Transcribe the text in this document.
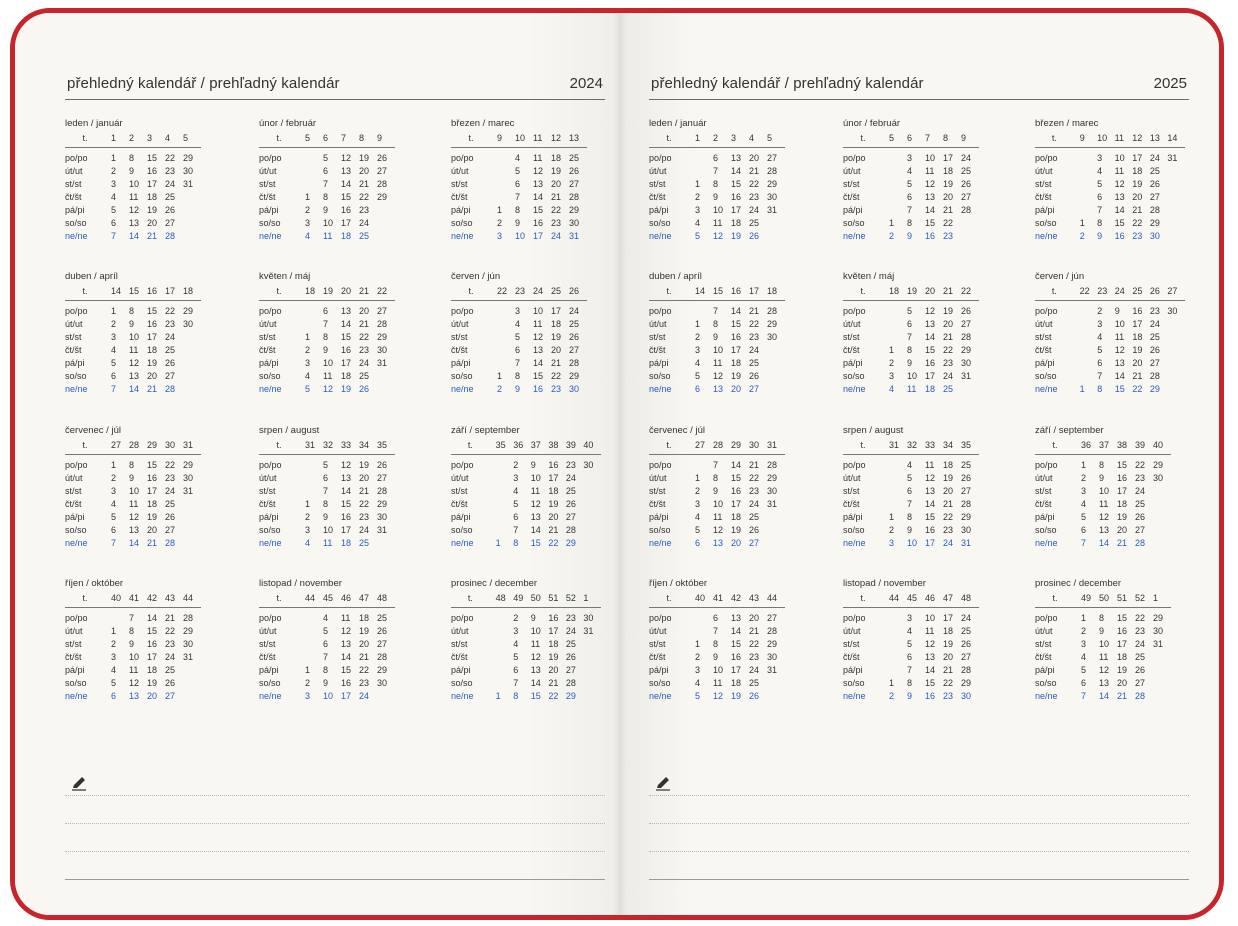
přehledný kalendář / prehľadný kalendár	2024
leden / január
t.	1	2	3	4	5

po/po	1	8	15	22	29
út/ut	2	9	16	23	30
st/st	3	10	17	24	31
čt/št	4	11	18	25	
pá/pi	5	12	19	26	
so/so	6	13	20	27	
ne/ne	7	14	21	28	
únor / február
t.	5	6	7	8	9

po/po		5	12	19	26
út/ut		6	13	20	27
st/st		7	14	21	28
čt/št	1	8	15	22	29
pá/pi	2	9	16	23	
so/so	3	10	17	24	
ne/ne	4	11	18	25	
březen / marec
t.	9	10	11	12	13

po/po		4	11	18	25
út/ut		5	12	19	26
st/st		6	13	20	27
čt/št		7	14	21	28
pá/pi	1	8	15	22	29
so/so	2	9	16	23	30
ne/ne	3	10	17	24	31
duben / apríl
t.	14	15	16	17	18

po/po	1	8	15	22	29
út/ut	2	9	16	23	30
st/st	3	10	17	24	
čt/št	4	11	18	25	
pá/pi	5	12	19	26	
so/so	6	13	20	27	
ne/ne	7	14	21	28	
květen / máj
t.	18	19	20	21	22

po/po		6	13	20	27
út/ut		7	14	21	28
st/st	1	8	15	22	29
čt/št	2	9	16	23	30
pá/pi	3	10	17	24	31
so/so	4	11	18	25	
ne/ne	5	12	19	26	
červen / jún
t.	22	23	24	25	26

po/po		3	10	17	24
út/ut		4	11	18	25
st/st		5	12	19	26
čt/št		6	13	20	27
pá/pi		7	14	21	28
so/so	1	8	15	22	29
ne/ne	2	9	16	23	30
červenec / júl
t.	27	28	29	30	31

po/po	1	8	15	22	29
út/ut	2	9	16	23	30
st/st	3	10	17	24	31
čt/št	4	11	18	25	
pá/pi	5	12	19	26	
so/so	6	13	20	27	
ne/ne	7	14	21	28	
srpen / august
t.	31	32	33	34	35

po/po		5	12	19	26
út/ut		6	13	20	27
st/st		7	14	21	28
čt/št	1	8	15	22	29
pá/pi	2	9	16	23	30
so/so	3	10	17	24	31
ne/ne	4	11	18	25	
září / september
t.	35	36	37	38	39	40

po/po		2	9	16	23	30
út/ut		3	10	17	24	
st/st		4	11	18	25	
čt/št		5	12	19	26	
pá/pi		6	13	20	27	
so/so		7	14	21	28	
ne/ne	1	8	15	22	29	
říjen / október
t.	40	41	42	43	44

po/po		7	14	21	28
út/ut	1	8	15	22	29
st/st	2	9	16	23	30
čt/št	3	10	17	24	31
pá/pi	4	11	18	25	
so/so	5	12	19	26	
ne/ne	6	13	20	27	
listopad / november
t.	44	45	46	47	48

po/po		4	11	18	25
út/ut		5	12	19	26
st/st		6	13	20	27
čt/št		7	14	21	28
pá/pi	1	8	15	22	29
so/so	2	9	16	23	30
ne/ne	3	10	17	24	
prosinec / december
t.	48	49	50	51	52	1

po/po		2	9	16	23	30
út/ut		3	10	17	24	31
st/st		4	11	18	25	
čt/št		5	12	19	26	
pá/pi		6	13	20	27	
so/so		7	14	21	28	
ne/ne	1	8	15	22	29	
přehledný kalendář / prehľadný kalendár	2025
leden / január
t.	1	2	3	4	5

po/po		6	13	20	27
út/ut		7	14	21	28
st/st	1	8	15	22	29
čt/št	2	9	16	23	30
pá/pi	3	10	17	24	31
so/so	4	11	18	25	
ne/ne	5	12	19	26	
únor / február
t.	5	6	7	8	9

po/po		3	10	17	24
út/ut		4	11	18	25
st/st		5	12	19	26
čt/št		6	13	20	27
pá/pi		7	14	21	28
so/so	1	8	15	22	
ne/ne	2	9	16	23	
březen / marec
t.	9	10	11	12	13	14

po/po		3	10	17	24	31
út/ut		4	11	18	25	
st/st		5	12	19	26	
čt/št		6	13	20	27	
pá/pi		7	14	21	28	
so/so	1	8	15	22	29	
ne/ne	2	9	16	23	30	
duben / apríl
t.	14	15	16	17	18

po/po		7	14	21	28
út/ut	1	8	15	22	29
st/st	2	9	16	23	30
čt/št	3	10	17	24	
pá/pi	4	11	18	25	
so/so	5	12	19	26	
ne/ne	6	13	20	27	
květen / máj
t.	18	19	20	21	22

po/po		5	12	19	26
út/ut		6	13	20	27
st/st		7	14	21	28
čt/št	1	8	15	22	29
pá/pi	2	9	16	23	30
so/so	3	10	17	24	31
ne/ne	4	11	18	25	
červen / jún
t.	22	23	24	25	26	27

po/po		2	9	16	23	30
út/ut		3	10	17	24	
st/st		4	11	18	25	
čt/št		5	12	19	26	
pá/pi		6	13	20	27	
so/so		7	14	21	28	
ne/ne	1	8	15	22	29	
červenec / júl
t.	27	28	29	30	31

po/po		7	14	21	28
út/ut	1	8	15	22	29
st/st	2	9	16	23	30
čt/št	3	10	17	24	31
pá/pi	4	11	18	25	
so/so	5	12	19	26	
ne/ne	6	13	20	27	
srpen / august
t.	31	32	33	34	35

po/po		4	11	18	25
út/ut		5	12	19	26
st/st		6	13	20	27
čt/št		7	14	21	28
pá/pi	1	8	15	22	29
so/so	2	9	16	23	30
ne/ne	3	10	17	24	31
září / september
t.	36	37	38	39	40

po/po	1	8	15	22	29
út/ut	2	9	16	23	30
st/st	3	10	17	24	
čt/št	4	11	18	25	
pá/pi	5	12	19	26	
so/so	6	13	20	27	
ne/ne	7	14	21	28	
říjen / október
t.	40	41	42	43	44

po/po		6	13	20	27
út/ut		7	14	21	28
st/st	1	8	15	22	29
čt/št	2	9	16	23	30
pá/pi	3	10	17	24	31
so/so	4	11	18	25	
ne/ne	5	12	19	26	
listopad / november
t.	44	45	46	47	48

po/po		3	10	17	24
út/ut		4	11	18	25
st/st		5	12	19	26
čt/št		6	13	20	27
pá/pi		7	14	21	28
so/so	1	8	15	22	29
ne/ne	2	9	16	23	30
prosinec / december
t.	49	50	51	52	1

po/po	1	8	15	22	29
út/ut	2	9	16	23	30
st/st	3	10	17	24	31
čt/št	4	11	18	25	
pá/pi	5	12	19	26	
so/so	6	13	20	27	
ne/ne	7	14	21	28	
